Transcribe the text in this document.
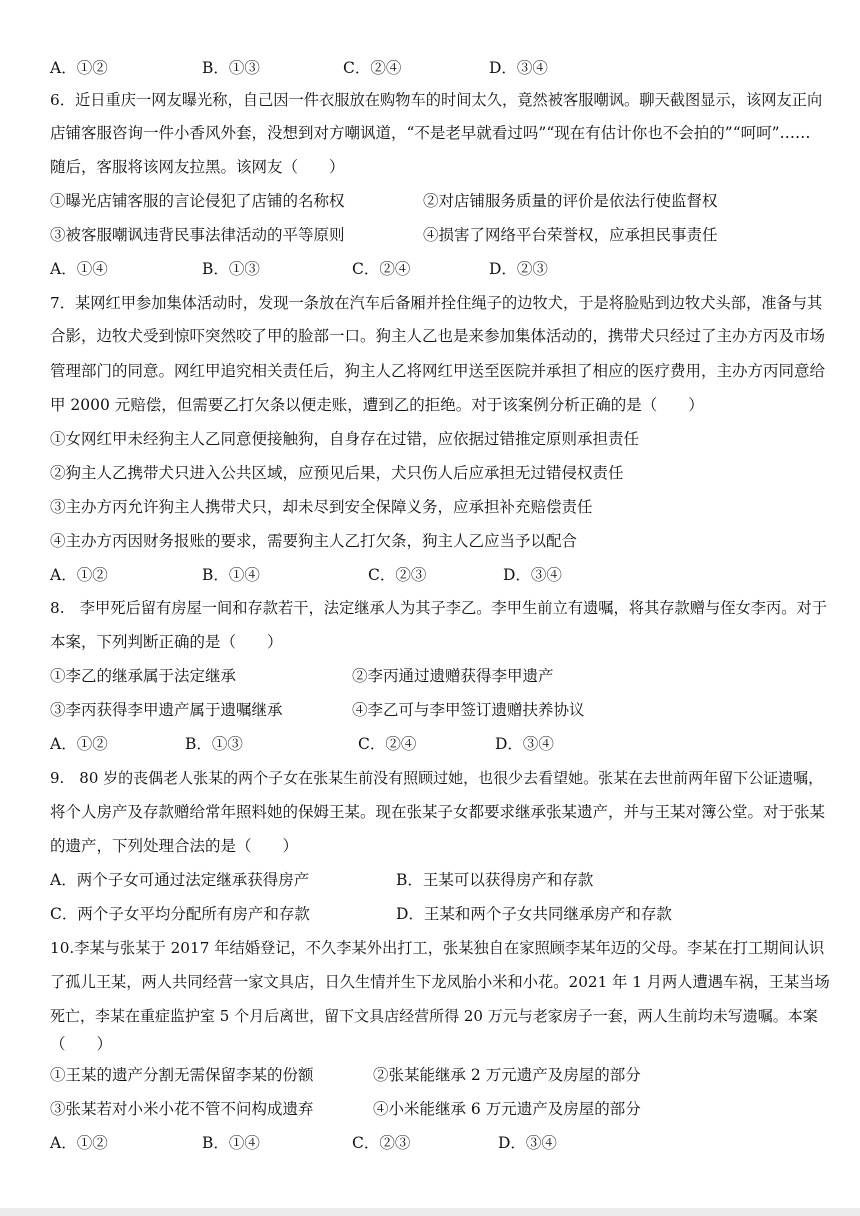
A．①②	B．①③	C．②④	D．③④
6．近日重庆一网友曝光称，自己因一件衣服放在购物车的时间太久，竟然被客服嘲讽。聊天截图显示，该网友正向
店铺客服咨询一件小香风外套，没想到对方嘲讽道，“不是老早就看过吗”“现在有估计你也不会拍的”“呵呵”……
随后，客服将该网友拉黑。该网友（　　）
①曝光店铺客服的言论侵犯了店铺的名称权	②对店铺服务质量的评价是依法行使监督权
③被客服嘲讽违背民事法律活动的平等原则	④损害了网络平台荣誉权，应承担民事责任
A．①④	B．①③	C．②④	D．②③
7．某网红甲参加集体活动时，发现一条放在汽车后备厢并拴住绳子的边牧犬，于是将脸贴到边牧犬头部，准备与其
合影，边牧犬受到惊吓突然咬了甲的脸部一口。狗主人乙也是来参加集体活动的，携带犬只经过了主办方丙及市场
管理部门的同意。网红甲追究相关责任后，狗主人乙将网红甲送至医院并承担了相应的医疗费用，主办方丙同意给
甲 2000 元赔偿，但需要乙打欠条以便走账，遭到乙的拒绝。对于该案例分析正确的是（　　）
①女网红甲未经狗主人乙同意便接触狗，自身存在过错，应依据过错推定原则承担责任
②狗主人乙携带犬只进入公共区域，应预见后果，犬只伤人后应承担无过错侵权责任
③主办方丙允许狗主人携带犬只，却未尽到安全保障义务，应承担补充赔偿责任
④主办方丙因财务报账的要求，需要狗主人乙打欠条，狗主人乙应当予以配合
A．①②	B．①④	C．②③	D．③④
8.　李甲死后留有房屋一间和存款若干，法定继承人为其子李乙。李甲生前立有遗嘱，将其存款赠与侄女李丙。对于
本案，下列判断正确的是（　　）
①李乙的继承属于法定继承	②李丙通过遗赠获得李甲遗产
③李丙获得李甲遗产属于遗嘱继承	④李乙可与李甲签订遗赠扶养协议
A．①②	B．①③	C．②④	D．③④
9.　80 岁的丧偶老人张某的两个子女在张某生前没有照顾过她，也很少去看望她。张某在去世前两年留下公证遗嘱，
将个人房产及存款赠给常年照料她的保姆王某。现在张某子女都要求继承张某遗产，并与王某对簿公堂。对于张某
的遗产，下列处理合法的是（　　）
A．两个子女可通过法定继承获得房产	B．王某可以获得房产和存款
C．两个子女平均分配所有房产和存款	D．王某和两个子女共同继承房产和存款
10.李某与张某于 2017 年结婚登记，不久李某外出打工，张某独自在家照顾李某年迈的父母。李某在打工期间认识
了孤儿王某，两人共同经营一家文具店，日久生情并生下龙凤胎小米和小花。2021 年 1 月两人遭遇车祸，王某当场
死亡，李某在重症监护室 5 个月后离世，留下文具店经营所得 20 万元与老家房子一套，两人生前均未写遗嘱。本案
（　　）
①王某的遗产分割无需保留李某的份额	②张某能继承 2 万元遗产及房屋的部分
③张某若对小米小花不管不问构成遗弃	④小米能继承 6 万元遗产及房屋的部分
A．①②	B．①④	C．②③	D．③④
